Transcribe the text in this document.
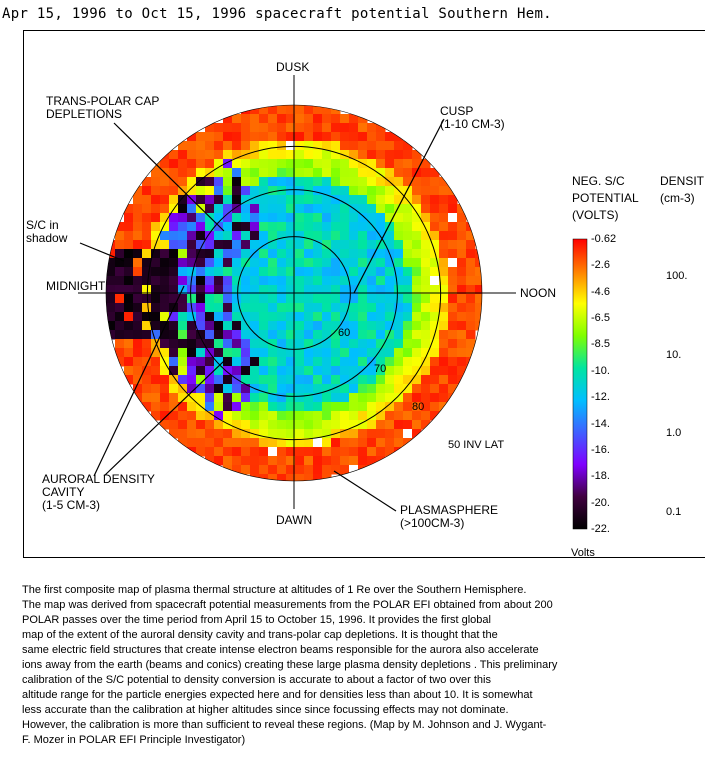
Apr 15, 1996 to Oct 15, 1996 spacecraft potential Southern Hem.
DUSK
DAWN
MIDNIGHT	NOON
TRANS-POLAR CAP
DEPLETIONS	CUSP
(1-10 CM-3)
S/C in
shadow
AURORAL DENSITY
CAVITY
(1-5 CM-3)	PLASMASPHERE
(>100CM-3)
50 INV LAT
60
70
80
NEG. S/C
POTENTIAL
(VOLTS)
DENSIT
(cm-3)
Volts
-0.62
-2.6
-4.6
-6.5
-8.5
-10.
-12.
-14.
-16.
-18.
-20.
-22.
100.
10.
1.0
0.1

The first composite map of plasma thermal structure at altitudes of 1 Re over the Southern Hemisphere.
The map was derived from spacecraft potential measurements from the POLAR EFI obtained from about 200
POLAR passes over the time period from April 15 to October 15, 1996. It provides the first global
map of the extent of the auroral density cavity and trans-polar cap depletions. It is thought that the
same electric field structures that create intense electron beams responsible for the aurora also accelerate
ions away from the earth (beams and conics) creating these large plasma density depletions . This preliminary
calibration of the S/C potential to density conversion is accurate to about a factor of two over this
altitude range for the particle energies expected here and for densities less than about 10. It is somewhat
less accurate than the calibration at higher altitudes since since focussing effects may not dominate.
However, the calibration is more than sufficient to reveal these regions. (Map by M. Johnson and J. Wygant-
F. Mozer in POLAR EFI Principle Investigator)
